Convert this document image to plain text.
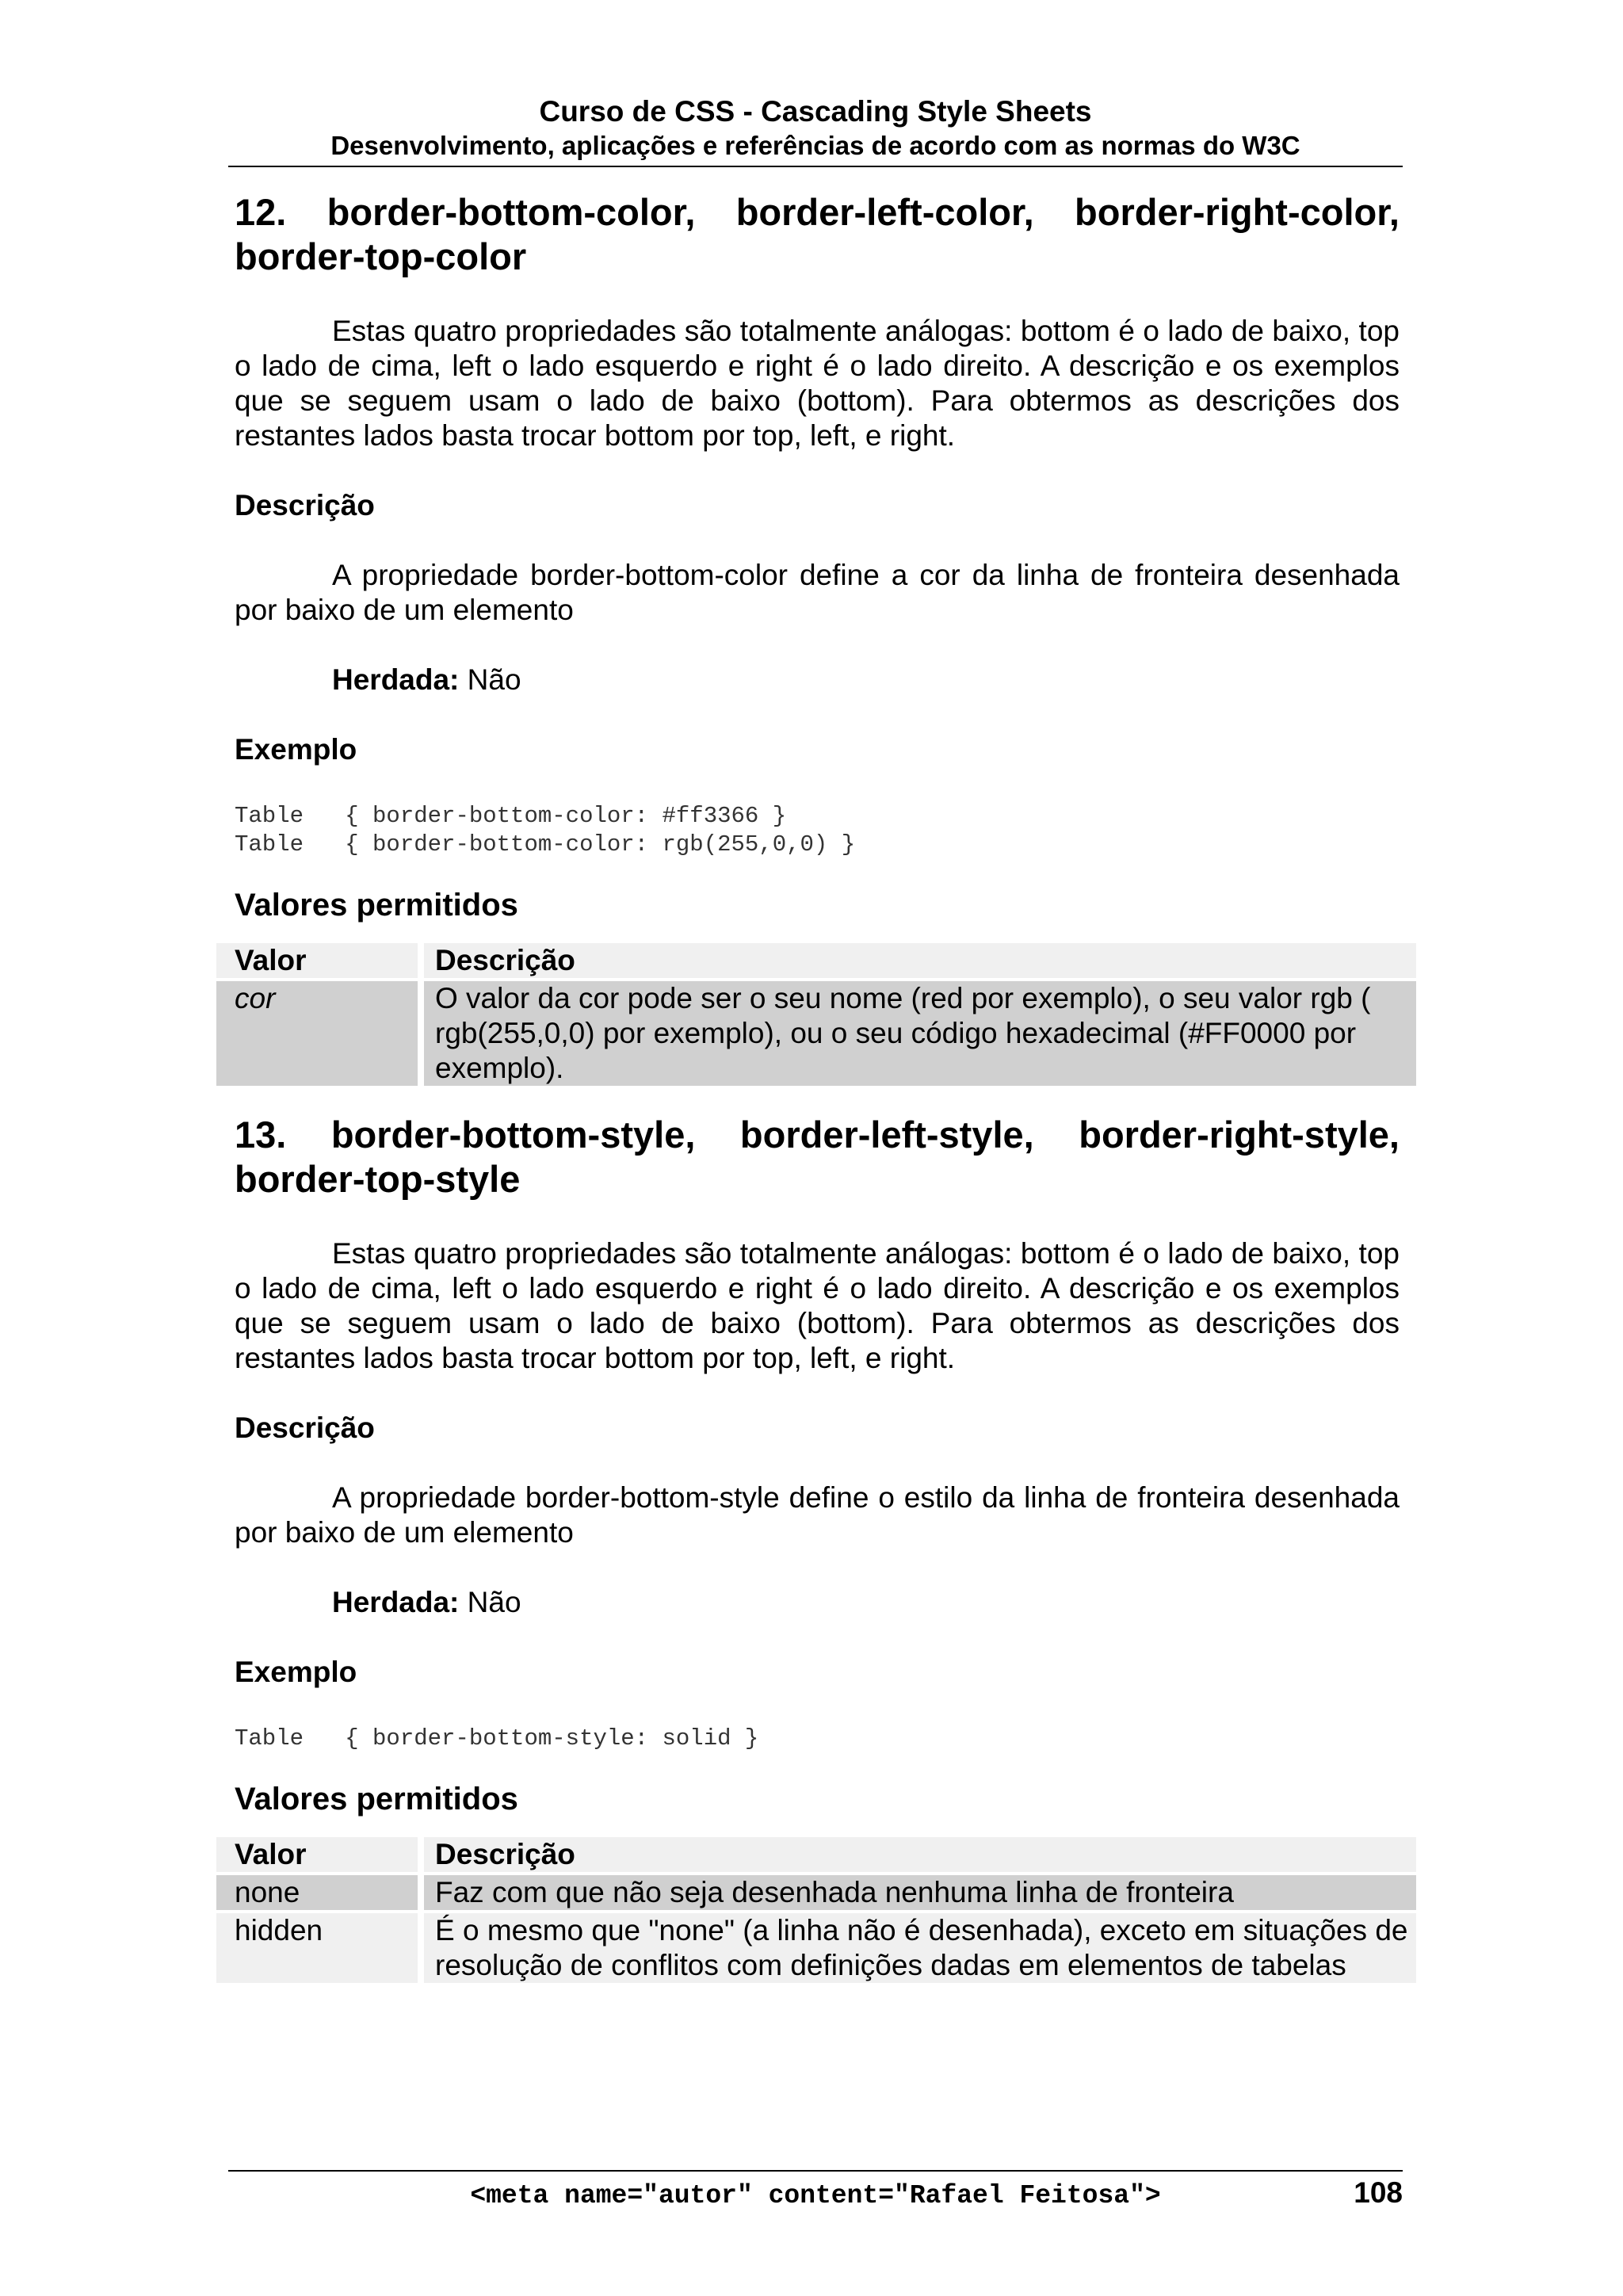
Curso de CSS - Cascading Style Sheets
Desenvolvimento, aplicações e referências de acordo com as normas do W3C
12. border-bottom-color, border-left-color, border-right-color,
border-top-color

Estas quatro propriedades são totalmente análogas: bottom é o lado de baixo, top o lado de cima, left o lado esquerdo e right é o lado direito. A descrição e os exemplos que se seguem usam o lado de baixo (bottom). Para obtermos as descrições dos restantes lados basta trocar bottom por top, left, e right.

Descrição

A propriedade border-bottom-color define a cor da linha de fronteira desenhada por baixo de um elemento

Herdada: Não

Exemplo
Table   { border-bottom-color: #ff3366 }
Table   { border-bottom-color: rgb(255,0,0) }
Valores permitidos
Valor	Descrição
cor	O valor da cor pode ser o seu nome (red por exemplo), o seu valor rgb ( rgb(255,0,0) por exemplo), ou o seu código hexadecimal (#FF0000 por exemplo).
13. border-bottom-style, border-left-style, border-right-style,
border-top-style

Estas quatro propriedades são totalmente análogas: bottom é o lado de baixo, top o lado de cima, left o lado esquerdo e right é o lado direito. A descrição e os exemplos que se seguem usam o lado de baixo (bottom). Para obtermos as descrições dos restantes lados basta trocar bottom por top, left, e right.

Descrição

A propriedade border-bottom-style define o estilo da linha de fronteira desenhada por baixo de um elemento

Herdada: Não

Exemplo
Table   { border-bottom-style: solid }
Valores permitidos
Valor	Descrição
none	Faz com que não seja desenhada nenhuma linha de fronteira
hidden	É o mesmo que "none" (a linha não é desenhada), exceto em situações de resolução de conflitos com definições dadas em elementos de tabelas
<meta name="autor" content="Rafael Feitosa">	108
